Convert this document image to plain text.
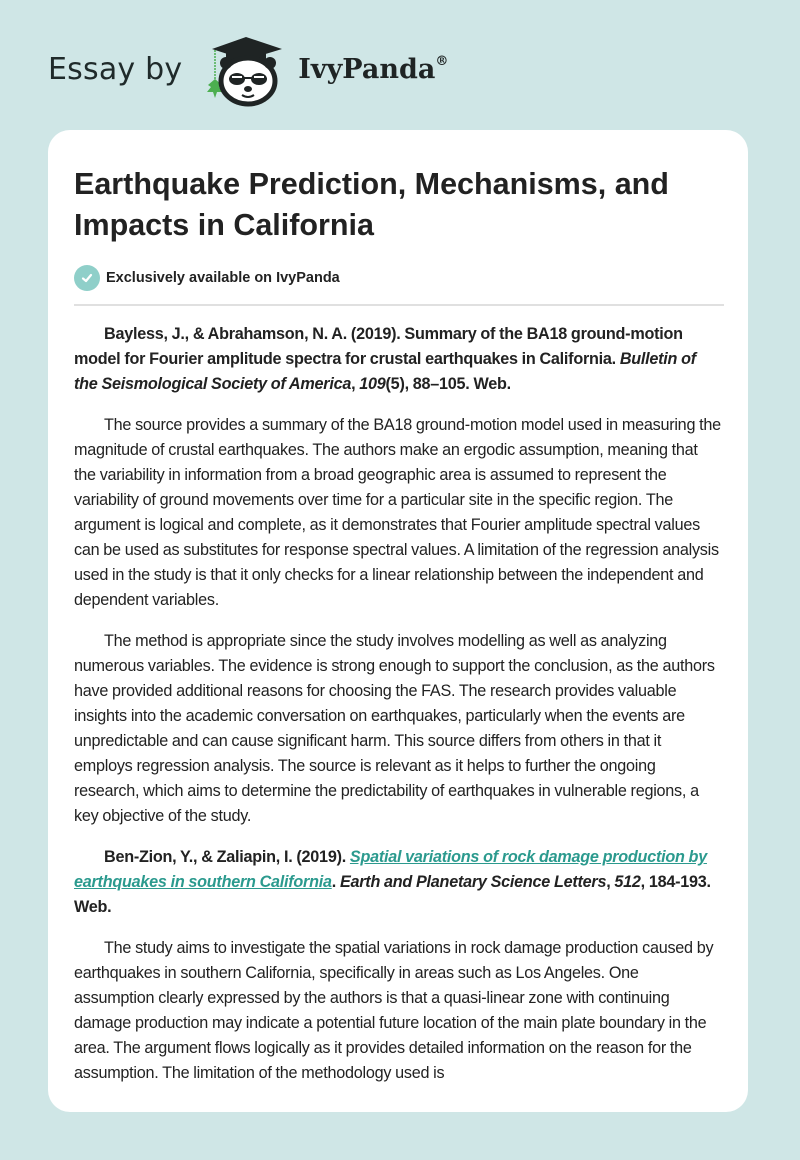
Essay by	IvyPanda®
Earthquake Prediction, Mechanisms, and Impacts in California
Exclusively available on IvyPanda

Bayless, J., & Abrahamson, N. A. (2019). Summary of the BA18 ground-motion model for Fourier amplitude spectra for crustal earthquakes in California. Bulletin of the Seismological Society of America, 109(5), 88–105. Web.

The source provides a summary of the BA18 ground-motion model used in measuring the magnitude of crustal earthquakes. The authors make an ergodic assumption, meaning that the variability in information from a broad geographic area is assumed to represent the variability of ground movements over time for a particular site in the specific region. The argument is logical and complete, as it demonstrates that Fourier amplitude spectral values can be used as substitutes for response spectral values. A limitation of the regression analysis used in the study is that it only checks for a linear relationship between the independent and dependent variables.

The method is appropriate since the study involves modelling as well as analyzing numerous variables. The evidence is strong enough to support the conclusion, as the authors have provided additional reasons for choosing the FAS. The research provides valuable insights into the academic conversation on earthquakes, particularly when the events are unpredictable and can cause significant harm. This source differs from others in that it employs regression analysis. The source is relevant as it helps to further the ongoing research, which aims to determine the predictability of earthquakes in vulnerable regions, a key objective of the study.

Ben-Zion, Y., & Zaliapin, I. (2019). Spatial variations of rock damage production by earthquakes in southern California. Earth and Planetary Science Letters, 512, 184-193. Web.

The study aims to investigate the spatial variations in rock damage production caused by earthquakes in southern California, specifically in areas such as Los Angeles. One assumption clearly expressed by the authors is that a quasi-linear zone with continuing damage production may indicate a potential future location of the main plate boundary in the area. The argument flows logically as it provides detailed information on the reason for the assumption. The limitation of the methodology used is
